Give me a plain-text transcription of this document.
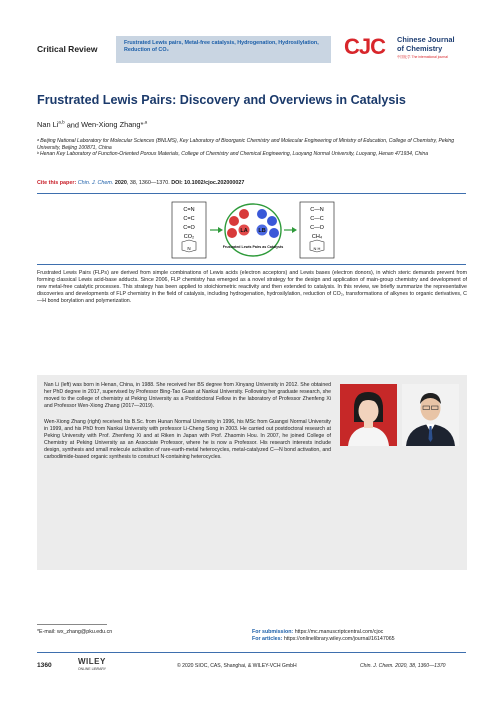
Critical Review
Frustrated Lewis pairs, Metal-free catalysis, Hydrogenation, Hydrosilylation,
Reduction of CO₂	CJC Chinese Journal
of Chemistry
中国化学 The international journal
Frustrated Lewis Pairs: Discovery and Overviews in Catalysis
Nan Li$^{a,b}$ and Wen-Xiong Zhang*$^{,a}$
ᵃ Beijing National Laboratory for Molecular Sciences (BNLMS), Key Laboratory of Bioorganic Chemistry and Molecular Engineering of Ministry of Education, College of Chemistry, Peking University, Beijing 100871, China
ᵇ Henan Key Laboratory of Function-Oriented Porous Materials, College of Chemistry and Chemical Engineering, Luoyang Normal University, Luoyang, Henan 471934, China
Cite this paper: Chin. J. Chem. 2020, 38, 1360—1370. DOI: 10.1002/cjoc.202000027
C=N
C=C
C=O
CO₂
N
C—N
C—C
C—O
CH₄
N H
LA LB
Frustrated Lewis Pairs as Catalysts
Frustrated Lewis Pairs (FLPs) are derived from simple combinations of Lewis acids (electron acceptors) and Lewis bases (electron donors), in which steric demands prevent from forming classical Lewis acid-base adducts. Since 2006, FLP chemistry has emerged as a novel strategy for the design and application of main-group chemistry and development of new metal-free catalytic processes. This strategy has been applied to stoichiometric reactivity and then extended to catalysis. In this review, we briefly summarize the representative discoveries and developments of FLP chemistry in the field of catalysis, including hydrogenation, hydrosilylation, reduction of CO₂, transformations of alkynes to organic derivatives, C—H bond borylation and polymerization.
Nan Li (left) was born in Henan, China, in 1988. She received her BS degree from Xinyang University in 2012. She obtained her PhD degree in 2017, supervised by Professor Bing-Tao Guan at Nankai University. Following her graduate research, she moved to the college of chemistry at Peking University as a Postdoctoral Fellow in the laboratory of Professor Zhenfeng Xi and Professor Wen-Xiong Zhang (2017—2019).
Wen-Xiong Zhang (right) received his B.Sc. from Hunan Normal University in 1996, his MSc from Guangxi Normal University in 1999, and his PhD from Nankai University with professor Li-Cheng Song in 2003. He carried out postdoctoral research at Peking University with Prof. Zhenfeng Xi and at Riken in Japan with Prof. Zhaomin Hou. In 2007, he joined College of Chemistry at Peking University as an Associate Professor, where he is now a Professor. His research interests include design, synthesis and small molecule activation of rare-earth-metal heterocycles, metal-catalyzed C—N bond activation, and carbodiimide-based organic synthesis to construct N-containing heterocycles.
*E-mail: wx_zhang@pku.edu.cn	For submission: https://mc.manuscriptcentral.com/cjoc
For articles: https://onlinelibrary.wiley.com/journal/16147065
1360	WILEY
ONLINE LIBRARY	© 2020 SIOC, CAS, Shanghai, & WILEY-VCH GmbH	Chin. J. Chem. 2020, 38, 1360—1370
